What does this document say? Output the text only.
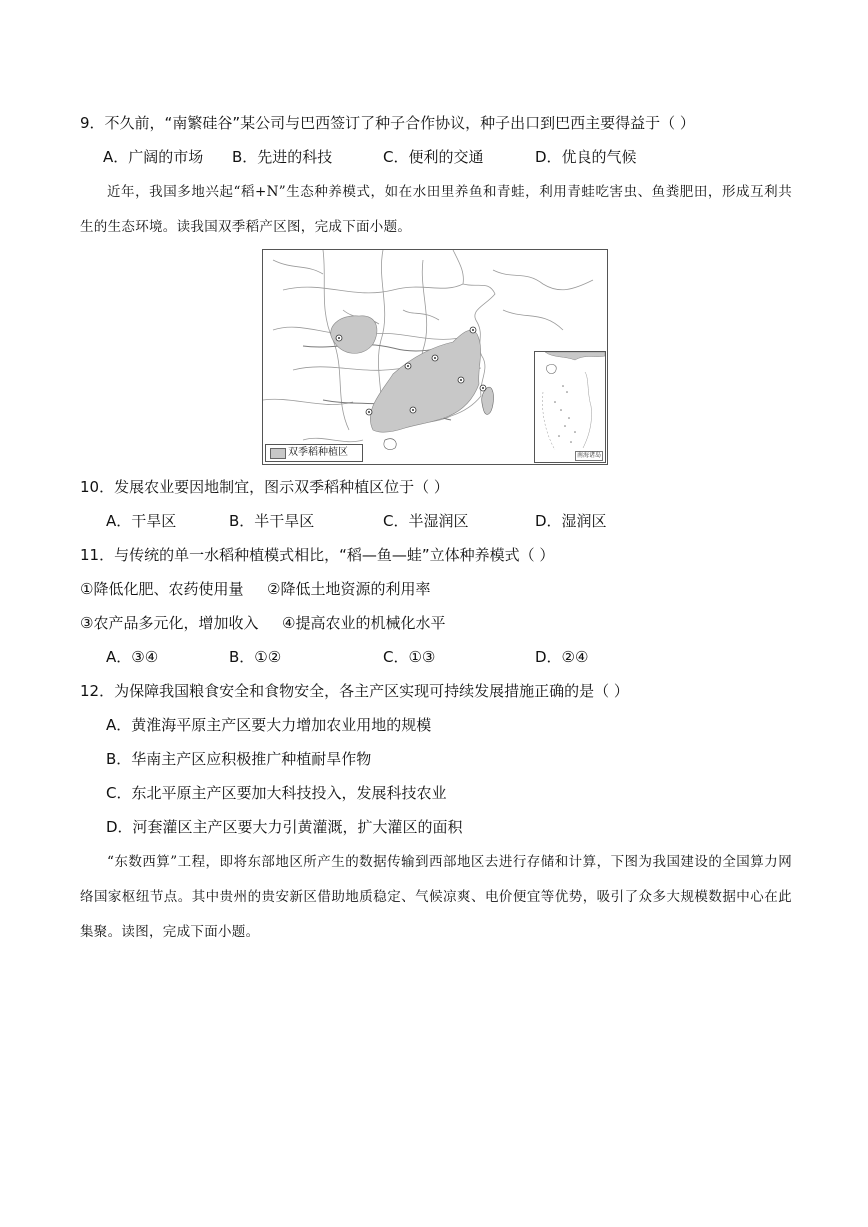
9．不久前，“南繁硅谷”某公司与巴西签订了种子合作协议，种子出口到巴西主要得益于（ ）
A．广阔的市场 B．先进的科技	C．便利的交通	D．优良的气候
近年，我国多地兴起“稻+N”生态种养模式，如在水田里养鱼和青蛙，利用青蛙吃害虫、鱼粪肥田，形成互利共生的生态环境。读我国双季稻产区图，完成下面小题。
南海诸岛
双季稻种植区
10．发展农业要因地制宜，图示双季稻种植区位于（ ）
A．干旱区	B．半干旱区	C．半湿润区	D．湿润区
11．与传统的单一水稻种植模式相比，“稻—鱼—蛙”立体种养模式（ ）
①降低化肥、农药使用量 ②降低土地资源的利用率
③农产品多元化，增加收入 ④提高农业的机械化水平
A．③④	B．①②	C．①③	D．②④
12．为保障我国粮食安全和食物安全，各主产区实现可持续发展措施正确的是（ ）
A．黄淮海平原主产区要大力增加农业用地的规模
B．华南主产区应积极推广种植耐旱作物
C．东北平原主产区要加大科技投入，发展科技农业
D．河套灌区主产区要大力引黄灌溉，扩大灌区的面积
“东数西算”工程，即将东部地区所产生的数据传输到西部地区去进行存储和计算，下图为我国建设的全国算力网络国家枢纽节点。其中贵州的贵安新区借助地质稳定、气候凉爽、电价便宜等优势，吸引了众多大规模数据中心在此集聚。读图，完成下面小题。
